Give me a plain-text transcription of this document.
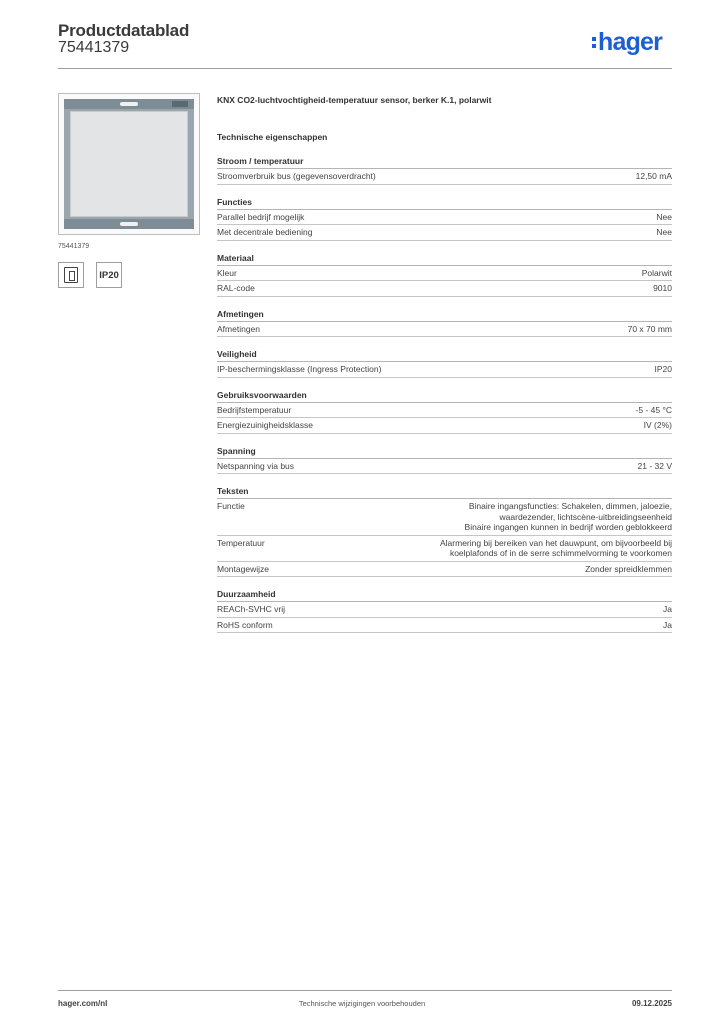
Productdatablad
75441379	hager
75441379
IP20
KNX CO2-luchtvochtigheid-temperatuur sensor, berker K.1, polarwit
Technische eigenschappen
Stroom / temperatuur
Stroomverbruik bus (gegevensoverdracht)	12,50 mA
Functies
Parallel bedrijf mogelijk	Nee
Met decentrale bediening	Nee
Materiaal
Kleur	Polarwit
RAL-code	9010
Afmetingen
Afmetingen	70 x 70 mm
Veiligheid
IP-beschermingsklasse (Ingress Protection)	IP20
Gebruiksvoorwaarden
Bedrijfstemperatuur	-5 - 45 °C
Energiezuinigheidsklasse	IV (2%)
Spanning
Netspanning via bus	21 - 32 V
Teksten
Functie	Binaire ingangsfuncties: Schakelen, dimmen, jaloezie,
waardezender, lichtscène-uitbreidingseenheid
Binaire ingangen kunnen in bedrijf worden geblokkeerd
Temperatuur	Alarmering bij bereiken van het dauwpunt, om bijvoorbeeld bij
koelplafonds of in de serre schimmelvorming te voorkomen
Montagewijze	Zonder spreidklemmen
Duurzaamheid
REACh-SVHC vrij	Ja
RoHS conform	Ja
hager.com/nl	Technische wijzigingen voorbehouden	09.12.2025
